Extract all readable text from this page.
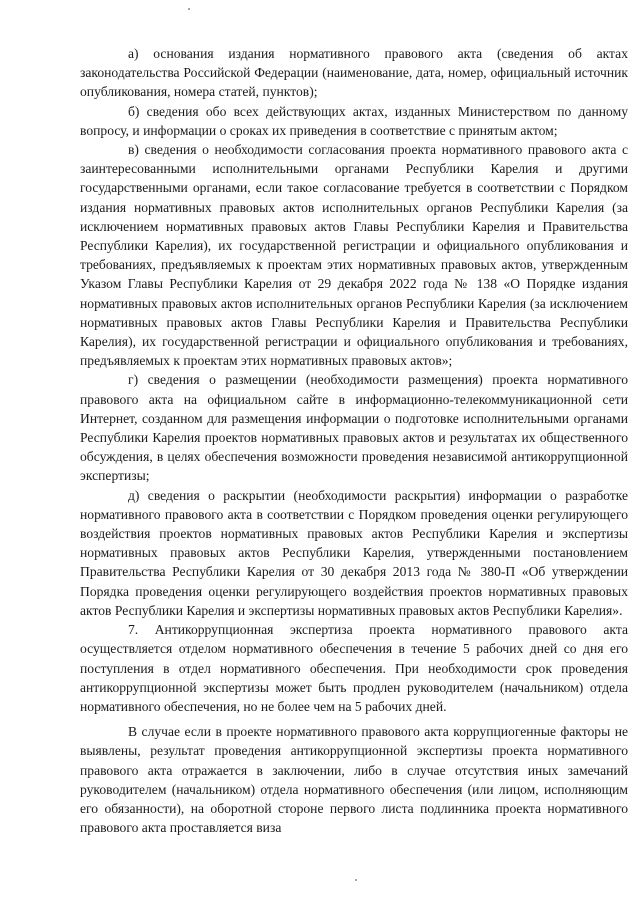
а) основания издания нормативного правового акта (сведения об актах законодательства Российской Федерации (наименование, дата, номер, официальный источник опубликования, номера статей, пунктов);

б) сведения обо всех действующих актах, изданных Министерством по данному вопросу, и информации о сроках их приведения в соответствие с принятым актом;

в) сведения о необходимости согласования проекта нормативного правового акта с заинтересованными исполнительными органами Республики Карелия и другими государственными органами, если такое согласование требуется в соответствии с Порядком издания нормативных правовых актов исполнительных органов Республики Карелия (за исключением нормативных правовых актов Главы Республики Карелия и Правительства Республики Карелия), их государственной регистрации и официального опубликования и требованиях, предъявляемых к проектам этих нормативных правовых актов, утвержденным Указом Главы Республики Карелия от 29 декабря 2022 года № 138 «О Порядке издания нормативных правовых актов исполнительных органов Республики Карелия (за исключением нормативных правовых актов Главы Республики Карелия и Правительства Республики Карелия), их государственной регистрации и официального опубликования и требованиях, предъявляемых к проектам этих нормативных правовых актов»;

г) сведения о размещении (необходимости размещения) проекта нормативного правового акта на официальном сайте в информационно-телекоммуникационной сети Интернет, созданном для размещения информации о подготовке исполнительными органами Республики Карелия проектов нормативных правовых актов и результатах их общественного обсуждения, в целях обеспечения возможности проведения независимой антикоррупционной экспертизы;

д) сведения о раскрытии (необходимости раскрытия) информации о разработке нормативного правового акта в соответствии с Порядком проведения оценки регулирующего воздействия проектов нормативных правовых актов Республики Карелия и экспертизы нормативных правовых актов Республики Карелия, утвержденными постановлением Правительства Республики Карелия от 30 декабря 2013 года № 380-П «Об утверждении Порядка проведения оценки регулирующего воздействия проектов нормативных правовых актов Республики Карелия и экспертизы нормативных правовых актов Республики Карелия».

7. Антикоррупционная экспертиза проекта нормативного правового акта осуществляется отделом нормативного обеспечения в течение 5 рабочих дней со дня его поступления в отдел нормативного обеспечения. При необходимости срок проведения антикоррупционной экспертизы может быть продлен руководителем (начальником) отдела нормативного обеспечения, но не более чем на 5 рабочих дней.

В случае если в проекте нормативного правового акта коррупциогенные факторы не выявлены, результат проведения антикоррупционной экспертизы проекта нормативного правового акта отражается в заключении, либо в случае отсутствия иных замечаний руководителем (начальником) отдела нормативного обеспечения (или лицом, исполняющим его обязанности), на оборотной стороне первого листа подлинника проекта нормативного правового акта проставляется виза
